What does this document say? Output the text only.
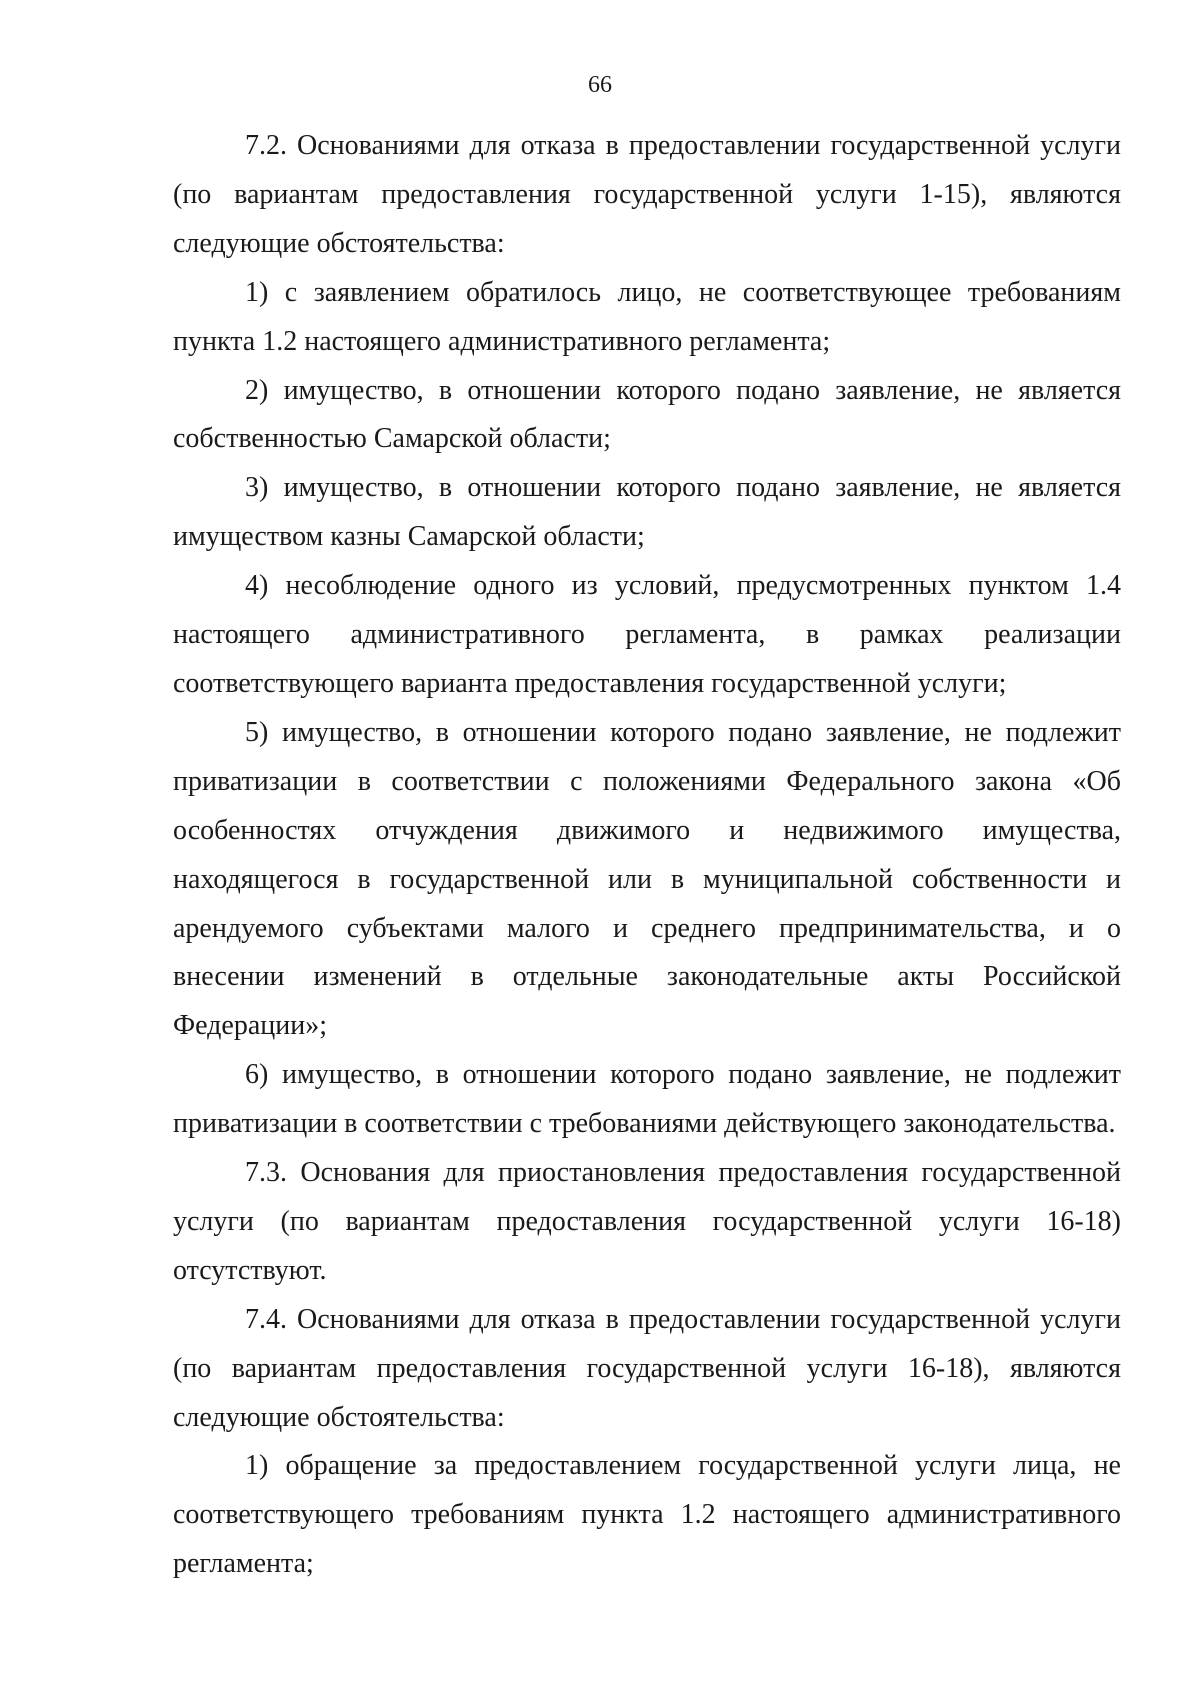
66

7.2. Основаниями для отказа в предоставлении государственной услуги (по вариантам предоставления государственной услуги 1-15), являются следующие обстоятельства:

1) с заявлением обратилось лицо, не соответствующее требованиям пункта 1.2 настоящего административного регламента;

2) имущество, в отношении которого подано заявление, не является собственностью Самарской области;

3) имущество, в отношении которого подано заявление, не является имуществом казны Самарской области;

4) несоблюдение одного из условий, предусмотренных пунктом 1.4 настоящего административного регламента, в рамках реализации соответствующего варианта предоставления государственной услуги;

5) имущество, в отношении которого подано заявление, не подлежит приватизации в соответствии с положениями Федерального закона «Об особенностях отчуждения движимого и недвижимого имущества, находящегося в государственной или в муниципальной собственности и арендуемого субъектами малого и среднего предпринимательства, и о внесении изменений в отдельные законодательные акты Российской Федерации»;

6) имущество, в отношении которого подано заявление, не подлежит приватизации в соответствии с требованиями действующего законодательства.

7.3. Основания для приостановления предоставления государственной услуги (по вариантам предоставления государственной услуги 16-18) отсутствуют.

7.4. Основаниями для отказа в предоставлении государственной услуги (по вариантам предоставления государственной услуги 16-18), являются следующие обстоятельства:

1) обращение за предоставлением государственной услуги лица, не соответствующего требованиям пункта 1.2 настоящего административного регламента;
